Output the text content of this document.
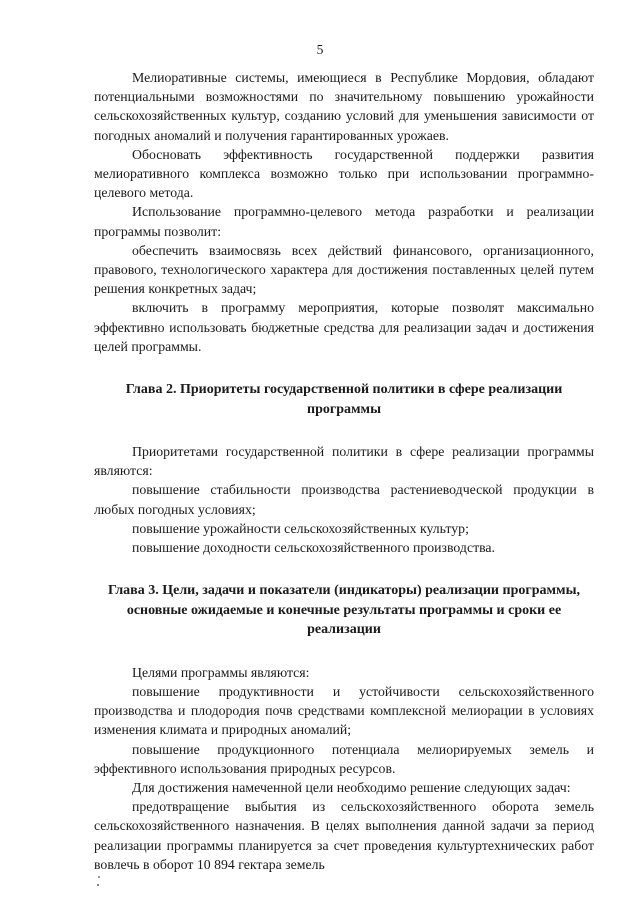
5

Мелиоративные системы, имеющиеся в Республике Мордовия, обладают потенциальными возможностями по значительному повышению урожайности сельскохозяйственных культур, созданию условий для уменьшения зависимости от погодных аномалий и получения гарантированных урожаев.

Обосновать эффективность государственной поддержки развития мелиоративного комплекса возможно только при использовании программно-целевого метода.

Использование программно-целевого метода разработки и реализации программы позволит:

обеспечить взаимосвязь всех действий финансового, организационного, правового, технологического характера для достижения поставленных целей путем решения конкретных задач;

включить в программу мероприятия, которые позволят максимально эффективно использовать бюджетные средства для реализации задач и достижения целей программы.

Глава 2. Приоритеты государственной политики в сфере реализации программы

Приоритетами государственной политики в сфере реализации программы являются:

повышение стабильности производства растениеводческой продукции в любых погодных условиях;

повышение урожайности сельскохозяйственных культур;

повышение доходности сельскохозяйственного производства.

Глава 3. Цели, задачи и показатели (индикаторы) реализации программы, основные ожидаемые и конечные результаты программы и сроки ее реализации

Целями программы являются:

повышение продуктивности и устойчивости сельскохозяйственного производства и плодородия почв средствами комплексной мелиорации в условиях изменения климата и природных аномалий;

повышение продукционного потенциала мелиорируемых земель и эффективного использования природных ресурсов.

Для достижения намеченной цели необходимо решение следующих задач:

предотвращение выбытия из сельскохозяйственного оборота земель сельскохозяйственного назначения. В целях выполнения данной задачи за период реализации программы планируется за счет проведения культуртехнических работ вовлечь в оборот 10 894 гектара земель
